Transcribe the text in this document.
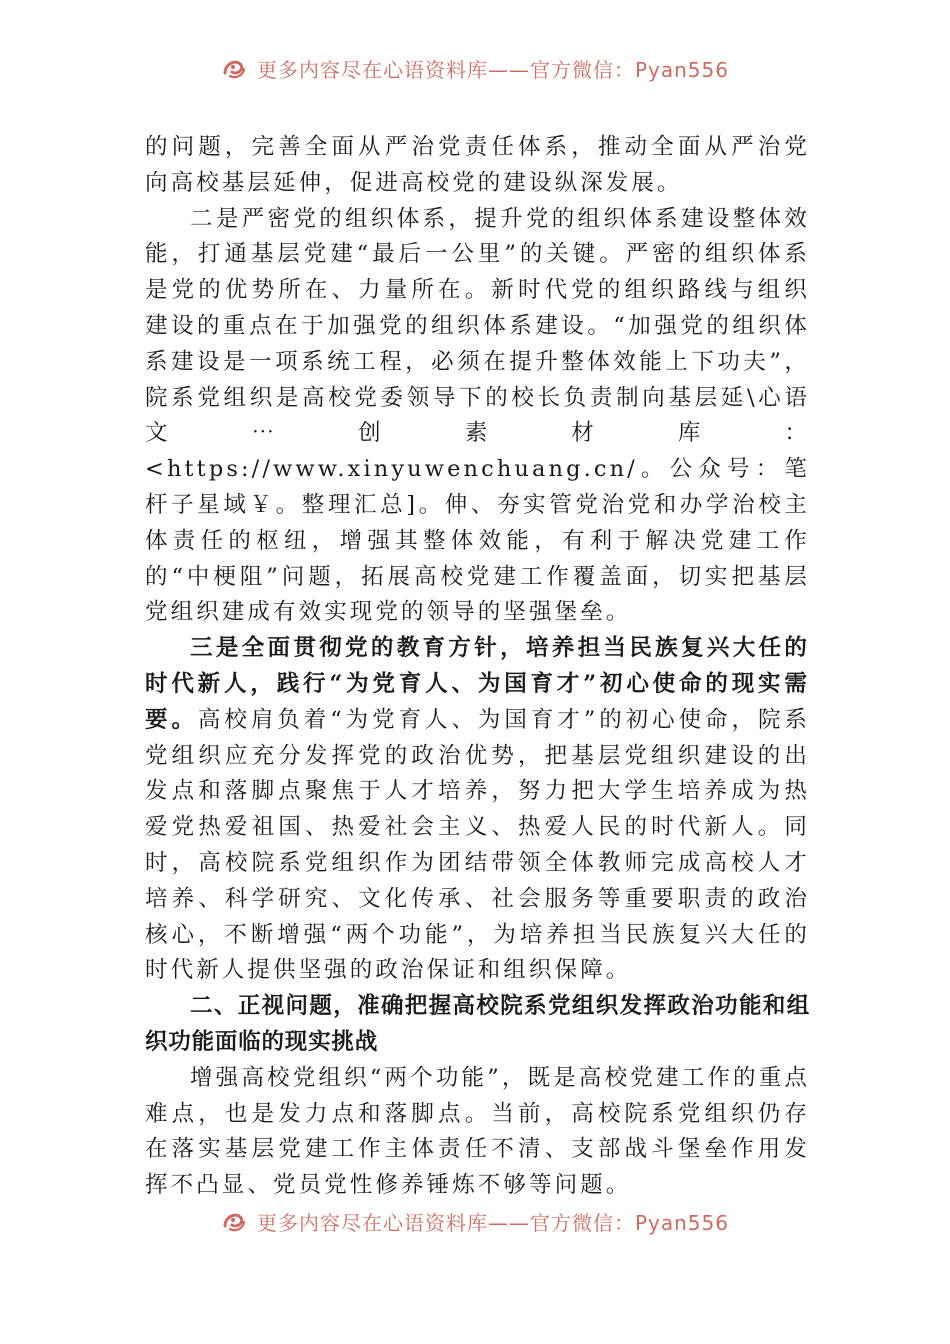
更多内容尽在心语资料库——官方微信：Pyan556

的问题，完善全面从严治党责任体系，推动全面从严治党向高校基层延伸，促进高校党的建设纵深发展。

二是严密党的组织体系，提升党的组织体系建设整体效能，打通基层党建“最后一公里”的关键。严密的组织体系是党的优势所在、力量所在。新时代党的组织路线与组织建设的重点在于加强党的组织体系建设。“加强党的组织体系建设是一项系统工程，必须在提升整体效能上下功夫”，院系党组织是高校党委领导下的校长负责制向基层延\心语文⋯创素材库：<https://www.xinyuwenchuang.cn/。公众号：笔杆子星域￥。整理汇总]。伸、夯实管党治党和办学治校主体责任的枢纽，增强其整体效能，有利于解决党建工作的“中梗阻”问题，拓展高校党建工作覆盖面，切实把基层党组织建成有效实现党的领导的坚强堡垒。

三是全面贯彻党的教育方针，培养担当民族复兴大任的时代新人，践行“为党育人、为国育才”初心使命的现实需要。高校肩负着“为党育人、为国育才”的初心使命，院系党组织应充分发挥党的政治优势，把基层党组织建设的出发点和落脚点聚焦于人才培养，努力把大学生培养成为热爱党热爱祖国、热爱社会主义、热爱人民的时代新人。同时，高校院系党组织作为团结带领全体教师完成高校人才培养、科学研究、文化传承、社会服务等重要职责的政治核心，不断增强“两个功能”，为培养担当民族复兴大任的时代新人提供坚强的政治保证和组织保障。

二、正视问题，准确把握高校院系党组织发挥政治功能和组织功能面临的现实挑战

增强高校党组织“两个功能”，既是高校党建工作的重点难点，也是发力点和落脚点。当前，高校院系党组织仍存在落实基层党建工作主体责任不清、支部战斗堡垒作用发挥不凸显、党员党性修养锤炼不够等问题。

更多内容尽在心语资料库——官方微信：Pyan556
